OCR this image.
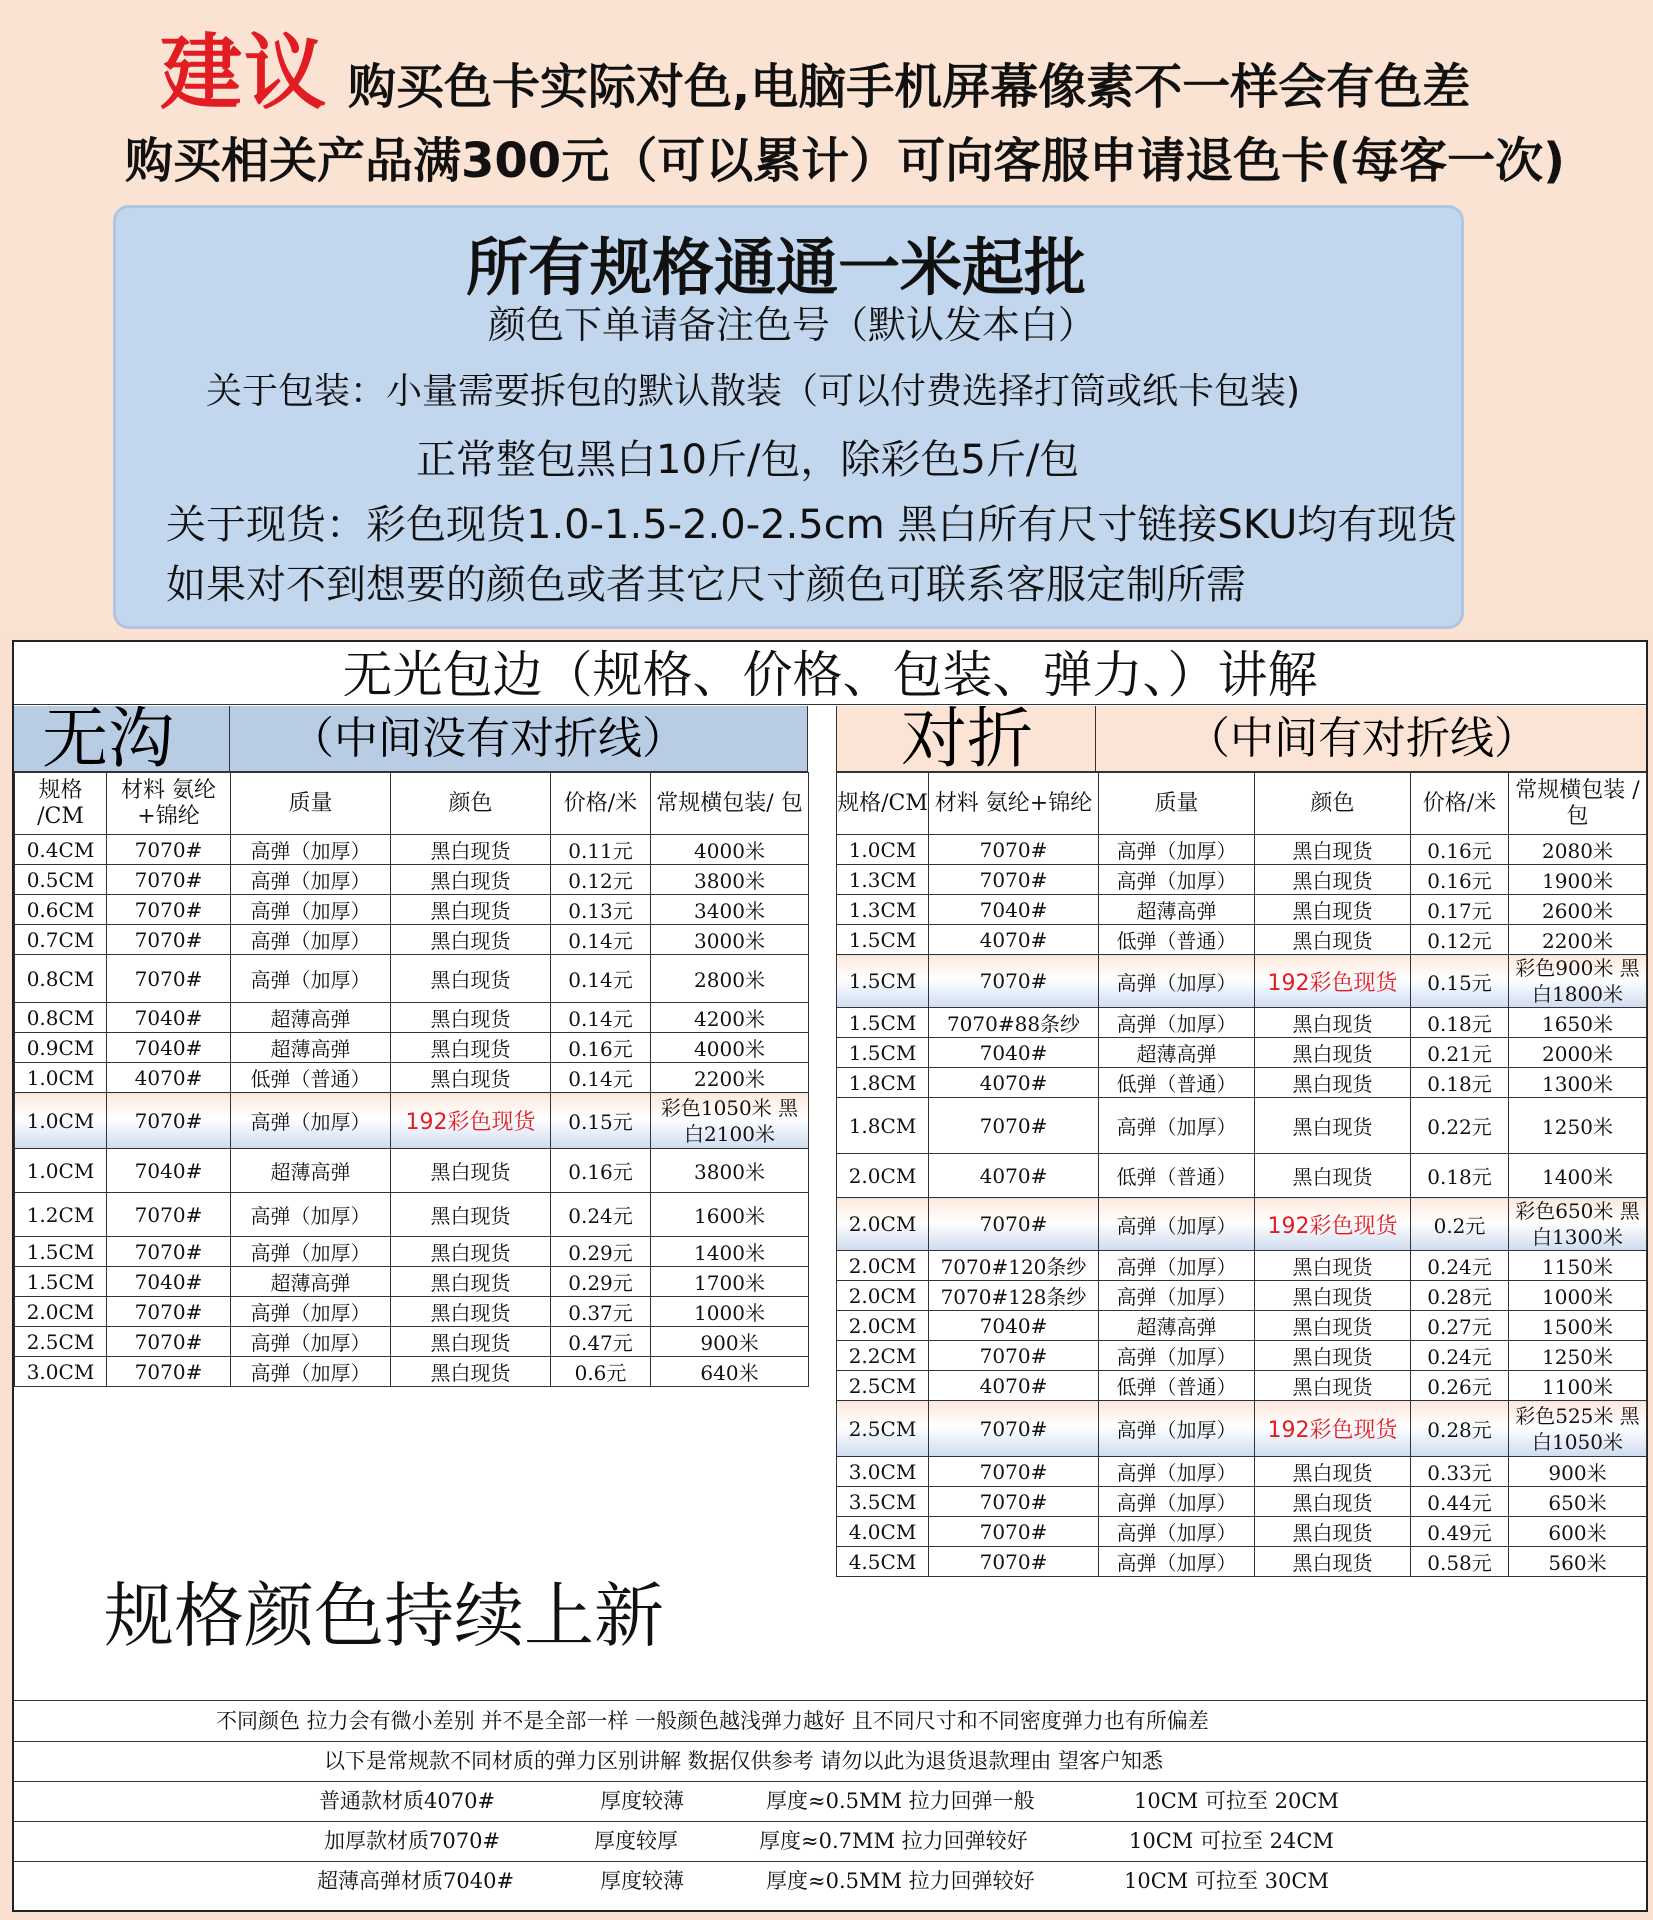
建议 购买色卡实际对色,电脑手机屏幕像素不一样会有色差
购买相关产品满300元（可以累计）可向客服申请退色卡(每客一次)
所有规格通通一米起批
颜色下单请备注色号（默认发本白）
关于包装：小量需要拆包的默认散装（可以付费选择打筒或纸卡包装)
正常整包黑白10斤/包，除彩色5斤/包
关于现货：彩色现货1.0-1.5-2.0-2.5cm 黑白所有尺寸链接SKU均有现货
如果对不到想要的颜色或者其它尺寸颜色可联系客服定制所需
无光包边（规格、价格、包装、弹力、）讲解
无沟	（中间没有对折线）	对折	（中间有对折线）
规格 /CM	材料 氨纶+锦纶	质量	颜色	价格/米	常规横包装/ 包
0.4CM	7070#	高弹（加厚）	黑白现货	0.11元	4000米
0.5CM	7070#	高弹（加厚）	黑白现货	0.12元	3800米
0.6CM	7070#	高弹（加厚）	黑白现货	0.13元	3400米
0.7CM	7070#	高弹（加厚）	黑白现货	0.14元	3000米
0.8CM	7070#	高弹（加厚）	黑白现货	0.14元	2800米
0.8CM	7040#	超薄高弹	黑白现货	0.14元	4200米
0.9CM	7040#	超薄高弹	黑白现货	0.16元	4000米
1.0CM	4070#	低弹（普通）	黑白现货	0.14元	2200米
1.0CM	7070#	高弹（加厚）	192彩色现货	0.15元	彩色1050米 黑白2100米
1.0CM	7040#	超薄高弹	黑白现货	0.16元	3800米
1.2CM	7070#	高弹（加厚）	黑白现货	0.24元	1600米
1.5CM	7070#	高弹（加厚）	黑白现货	0.29元	1400米
1.5CM	7040#	超薄高弹	黑白现货	0.29元	1700米
2.0CM	7070#	高弹（加厚）	黑白现货	0.37元	1000米
2.5CM	7070#	高弹（加厚）	黑白现货	0.47元	900米
3.0CM	7070#	高弹（加厚）	黑白现货	0.6元	640米
规格/CM	材料 氨纶+锦纶	质量	颜色	价格/米	常规横包装 /包
1.0CM	7070#	高弹（加厚）	黑白现货	0.16元	2080米
1.3CM	7070#	高弹（加厚）	黑白现货	0.16元	1900米
1.3CM	7040#	超薄高弹	黑白现货	0.17元	2600米
1.5CM	4070#	低弹（普通）	黑白现货	0.12元	2200米
1.5CM	7070#	高弹（加厚）	192彩色现货	0.15元	彩色900米 黑白1800米
1.5CM	7070#88条纱	高弹（加厚）	黑白现货	0.18元	1650米
1.5CM	7040#	超薄高弹	黑白现货	0.21元	2000米
1.8CM	4070#	低弹（普通）	黑白现货	0.18元	1300米
1.8CM	7070#	高弹（加厚）	黑白现货	0.22元	1250米
2.0CM	4070#	低弹（普通）	黑白现货	0.18元	1400米
2.0CM	7070#	高弹（加厚）	192彩色现货	0.2元	彩色650米 黑白1300米
2.0CM	7070#120条纱	高弹（加厚）	黑白现货	0.24元	1150米
2.0CM	7070#128条纱	高弹（加厚）	黑白现货	0.28元	1000米
2.0CM	7040#	超薄高弹	黑白现货	0.27元	1500米
2.2CM	7070#	高弹（加厚）	黑白现货	0.24元	1250米
2.5CM	4070#	低弹（普通）	黑白现货	0.26元	1100米
2.5CM	7070#	高弹（加厚）	192彩色现货	0.28元	彩色525米 黑白1050米
3.0CM	7070#	高弹（加厚）	黑白现货	0.33元	900米
3.5CM	7070#	高弹（加厚）	黑白现货	0.44元	650米
4.0CM	7070#	高弹（加厚）	黑白现货	0.49元	600米
4.5CM	7070#	高弹（加厚）	黑白现货	0.58元	560米
不同颜色 拉力会有微小差别 并不是全部一样 一般颜色越浅弹力越好 且不同尺寸和不同密度弹力也有所偏差
以下是常规款不同材质的弹力区别讲解 数据仅供参考 请勿以此为退货退款理由 望客户知悉
普通款材质4070#	厚度较薄	厚度≈0.5MM 拉力回弹一般	10CM 可拉至 20CM
加厚款材质7070#	厚度较厚	厚度≈0.7MM 拉力回弹较好	10CM 可拉至 24CM
超薄高弹材质7040#	厚度较薄	厚度≈0.5MM 拉力回弹较好	10CM 可拉至 30CM
规格颜色持续上新
